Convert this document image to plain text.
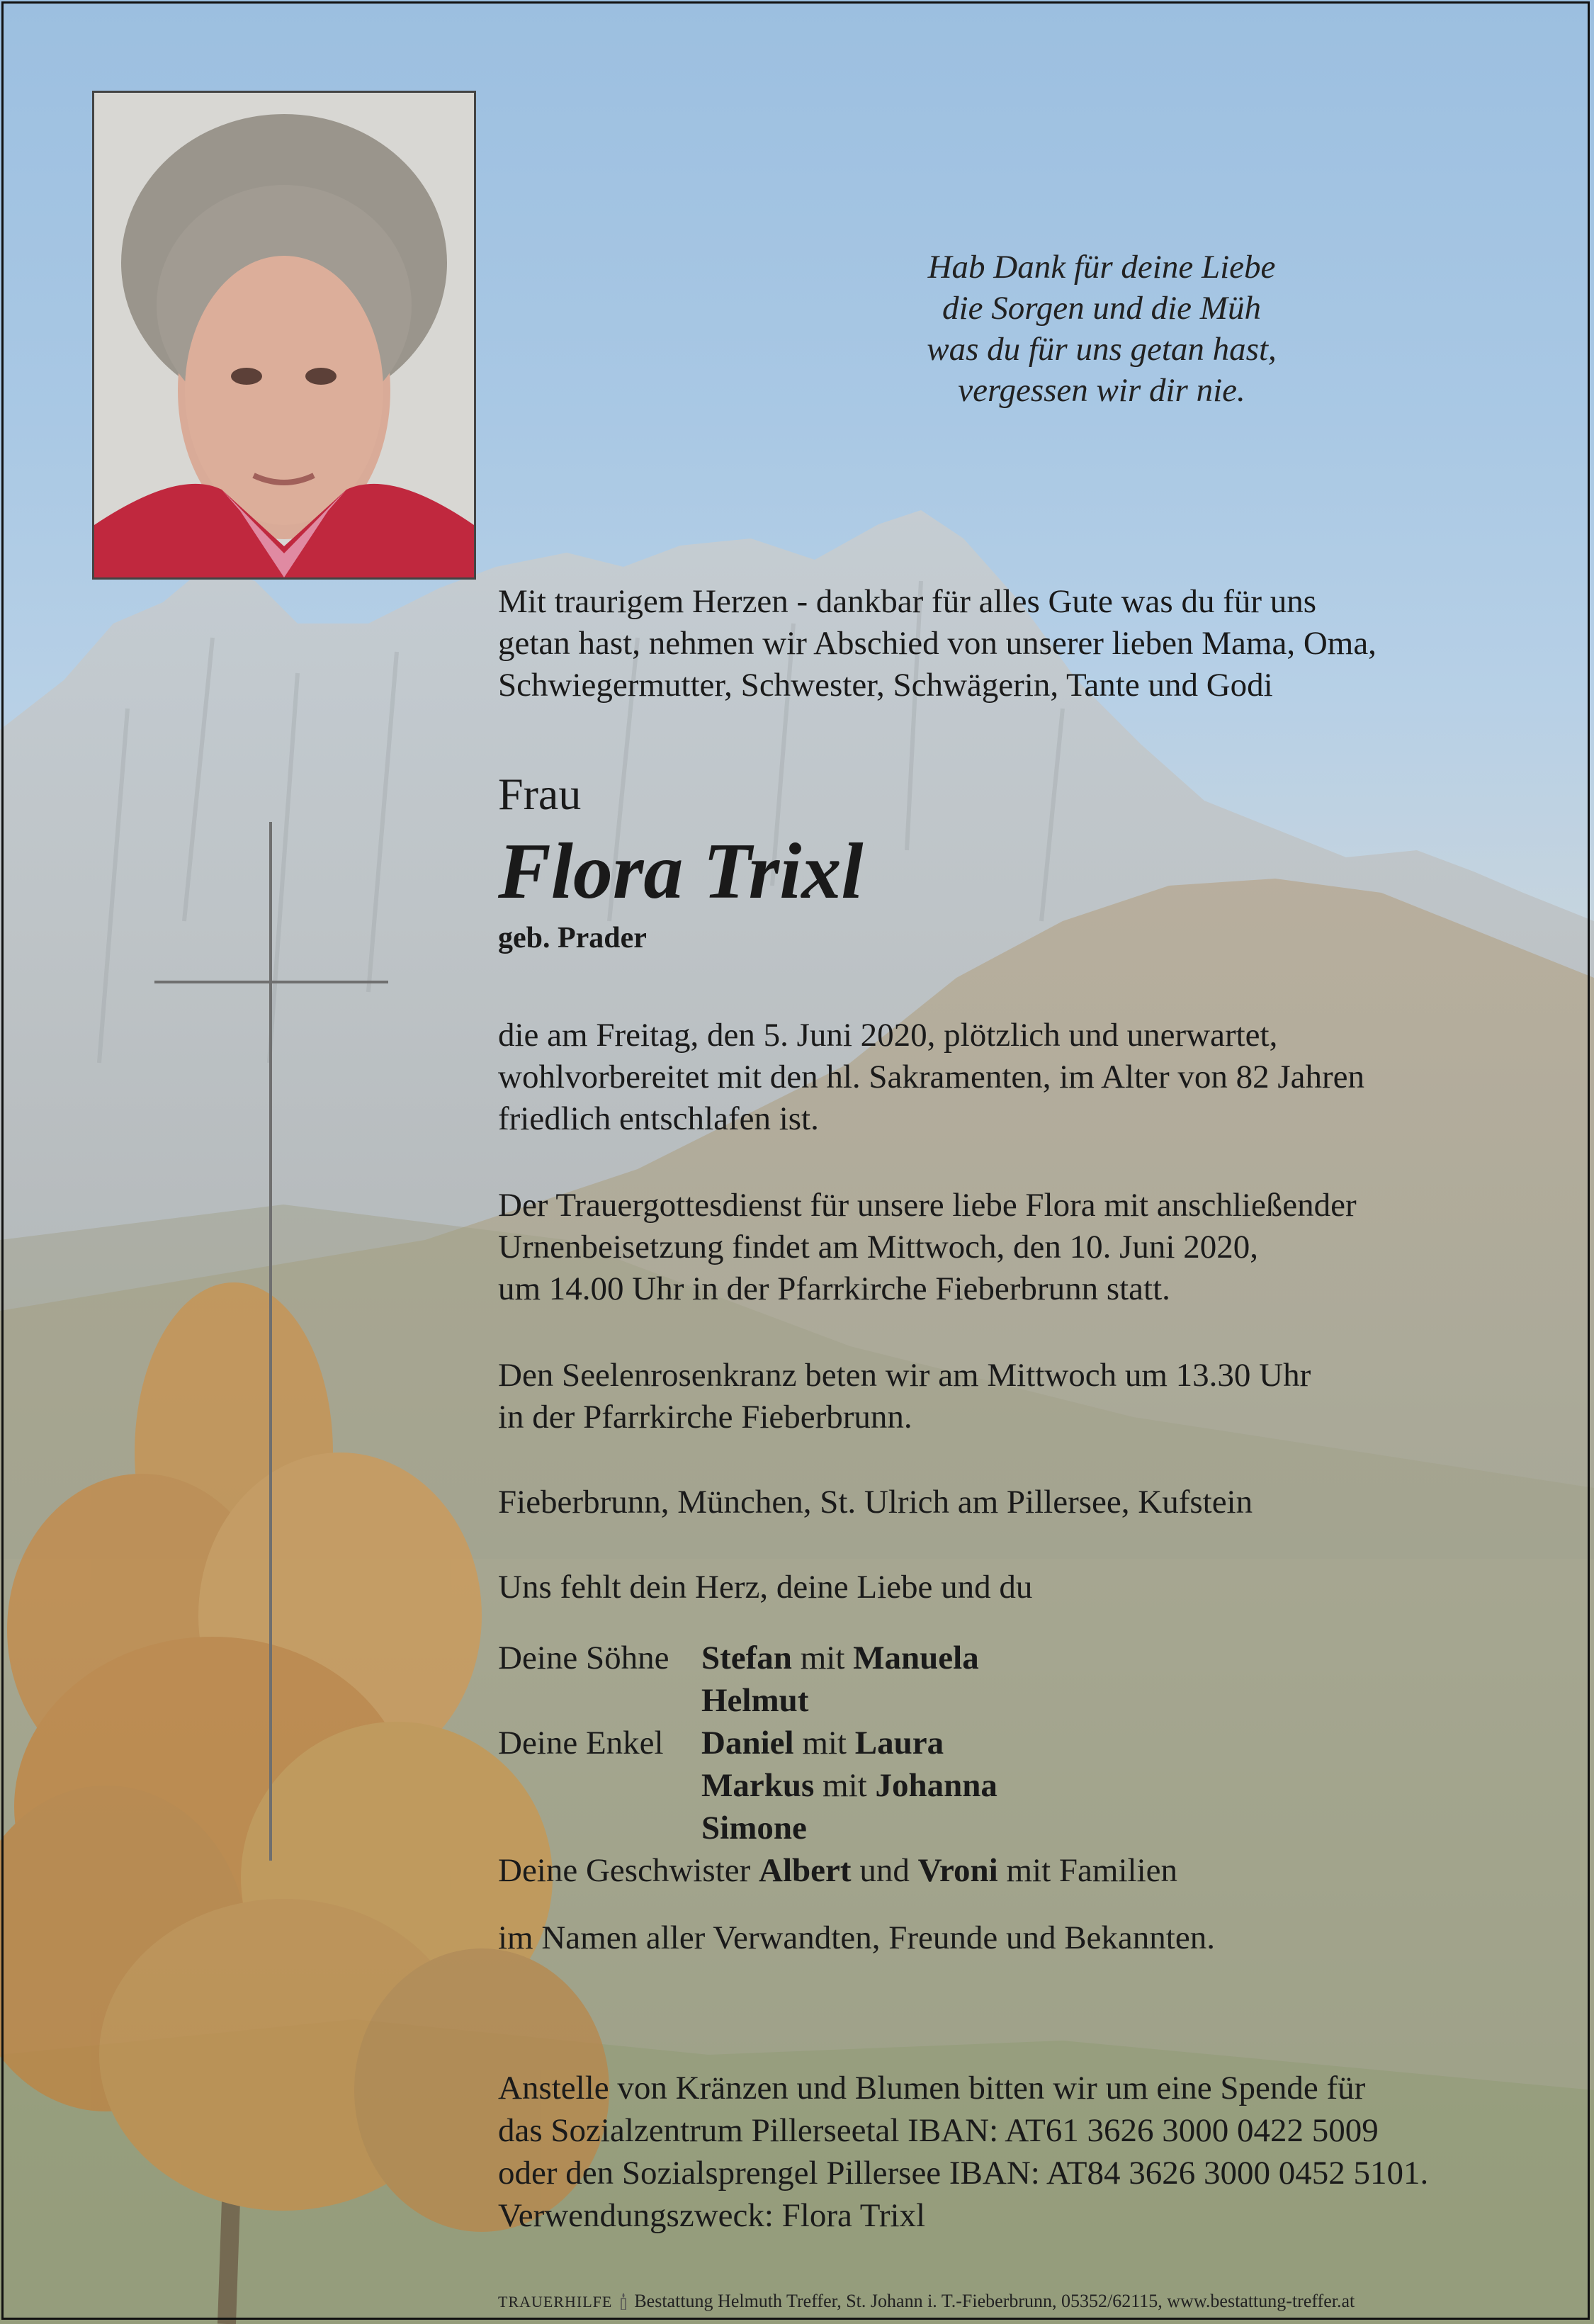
Hab Dank für deine Liebe
die Sorgen und die Müh
was du für uns getan hast,
vergessen wir dir nie.
Mit traurigem Herzen - dankbar für alles Gute was du für uns
getan hast, nehmen wir Abschied von unserer lieben Mama, Oma,
Schwiegermutter, Schwester, Schwägerin, Tante und Godi
Frau
Flora Trixl
geb. Prader
die am Freitag, den 5. Juni 2020, plötzlich und unerwartet,
wohlvorbereitet mit den hl. Sakramenten, im Alter von 82 Jahren
friedlich entschlafen ist.
Der Trauergottesdienst für unsere liebe Flora mit anschließender
Urnenbeisetzung findet am Mittwoch, den 10. Juni 2020,
um 14.00 Uhr in der Pfarrkirche Fieberbrunn statt.
Den Seelenrosenkranz beten wir am Mittwoch um 13.30 Uhr
in der Pfarrkirche Fieberbrunn.
Fieberbrunn, München, St. Ulrich am Pillersee, Kufstein
Uns fehlt dein Herz, deine Liebe und du
Deine Söhne Stefan mit Manuela
Helmut
Deine Enkel Daniel mit Laura
Markus mit Johanna
Simone
Deine Geschwister Albert und Vroni mit Familien
im Namen aller Verwandten, Freunde und Bekannten.
Anstelle von Kränzen und Blumen bitten wir um eine Spende für
das Sozialzentrum Pillerseetal IBAN: AT61 3626 3000 0422 5009
oder den Sozialsprengel Pillersee IBAN: AT84 3626 3000 0452 5101.
Verwendungszweck: Flora Trixl
TRAUERHILFE Bestattung Helmuth Treffer, St. Johann i. T.-Fieberbrunn, 05352/62115, www.bestattung-treffer.at
